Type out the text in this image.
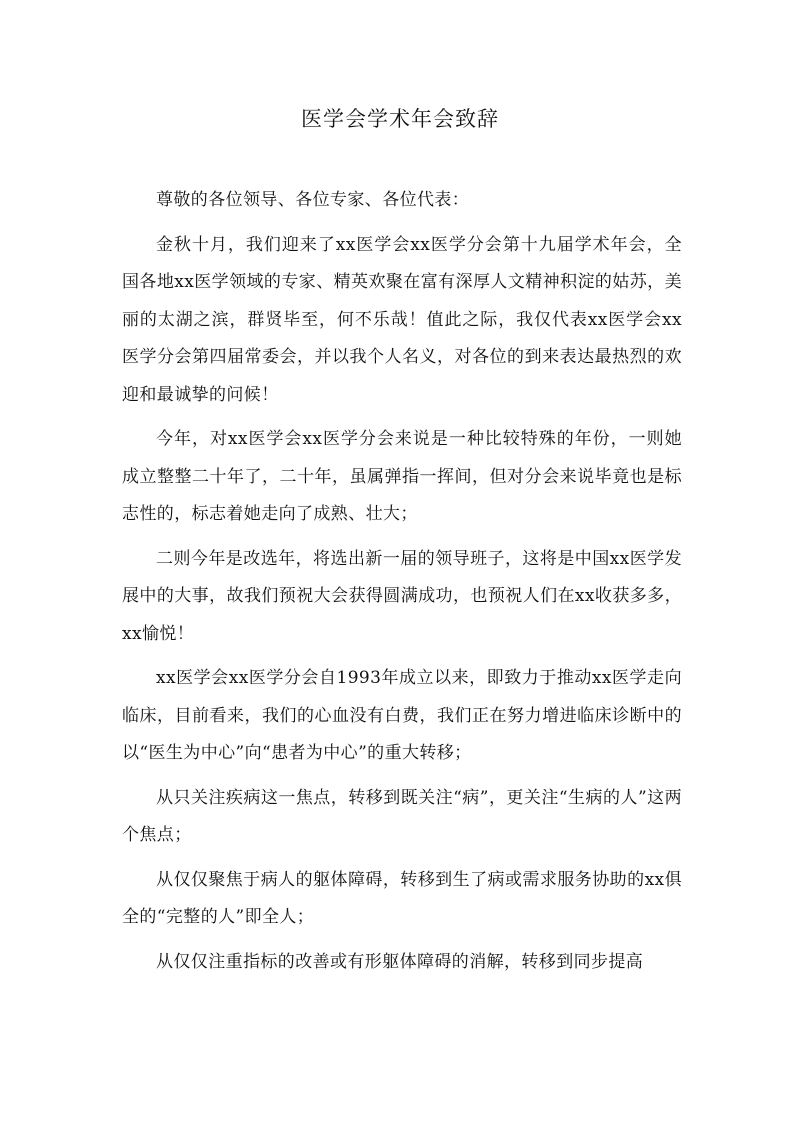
医学会学术年会致辞

尊敬的各位领导、各位专家、各位代表：

金秋十月，我们迎来了xx医学会xx医学分会第十九届学术年会，全国各地xx医学领域的专家、精英欢聚在富有深厚人文精神积淀的姑苏，美丽的太湖之滨，群贤毕至，何不乐哉！值此之际，我仅代表xx医学会xx医学分会第四届常委会，并以我个人名义，对各位的到来表达最热烈的欢迎和最诚挚的问候！

今年，对xx医学会xx医学分会来说是一种比较特殊的年份，一则她成立整整二十年了，二十年，虽属弹指一挥间，但对分会来说毕竟也是标志性的，标志着她走向了成熟、壮大；

二则今年是改选年，将选出新一届的领导班子，这将是中国xx医学发展中的大事，故我们预祝大会获得圆满成功，也预祝人们在xx收获多多，xx愉悦！

xx医学会xx医学分会自1993年成立以来，即致力于推动xx医学走向临床，目前看来，我们的心血没有白费，我们正在努力增进临床诊断中的以“医生为中心”向“患者为中心”的重大转移；

从只关注疾病这一焦点，转移到既关注“病”，更关注“生病的人”这两个焦点；

从仅仅聚焦于病人的躯体障碍，转移到生了病或需求服务协助的xx俱全的“完整的人”即全人；

从仅仅注重指标的改善或有形躯体障碍的消解，转移到同步提高
